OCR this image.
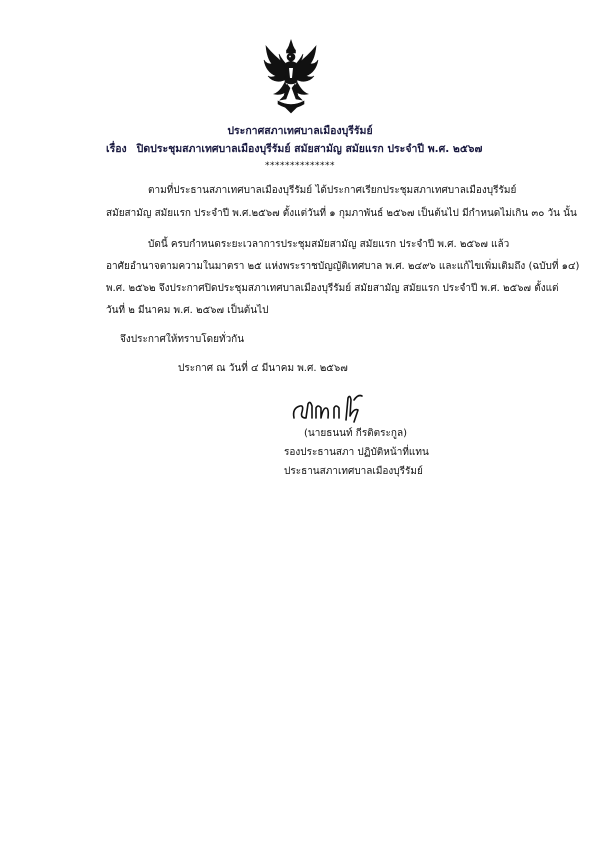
ประกาศสภาเทศบาลเมืองบุรีรัมย์
เรื่อง ปิดประชุมสภาเทศบาลเมืองบุรีรัมย์ สมัยสามัญ สมัยแรก ประจำปี พ.ศ. ๒๕๖๗
**************
ตามที่ประธานสภาเทศบาลเมืองบุรีรัมย์ ได้ประกาศเรียกประชุมสภาเทศบาลเมืองบุรีรัมย์
สมัยสามัญ สมัยแรก ประจำปี พ.ศ.๒๕๖๗ ตั้งแต่วันที่ ๑ กุมภาพันธ์ ๒๕๖๗ เป็นต้นไป มีกำหนดไม่เกิน ๓๐ วัน นั้น
บัดนี้ ครบกำหนดระยะเวลาการประชุมสมัยสามัญ สมัยแรก ประจำปี พ.ศ. ๒๕๖๗ แล้ว
อาศัยอำนาจตามความในมาตรา ๒๕ แห่งพระราชบัญญัติเทศบาล พ.ศ. ๒๔๙๖ และแก้ไขเพิ่มเติมถึง (ฉบับที่ ๑๔)
พ.ศ. ๒๕๖๒ จึงประกาศปิดประชุมสภาเทศบาลเมืองบุรีรัมย์ สมัยสามัญ สมัยแรก ประจำปี พ.ศ. ๒๕๖๗ ตั้งแต่
วันที่ ๒ มีนาคม พ.ศ. ๒๕๖๗ เป็นต้นไป
จึงประกาศให้ทราบโดยทั่วกัน
ประกาศ ณ วันที่ ๔ มีนาคม พ.ศ. ๒๕๖๗
(นายธนนท์ กีรติตระกูล)
รองประธานสภา ปฏิบัติหน้าที่แทน
ประธานสภาเทศบาลเมืองบุรีรัมย์
